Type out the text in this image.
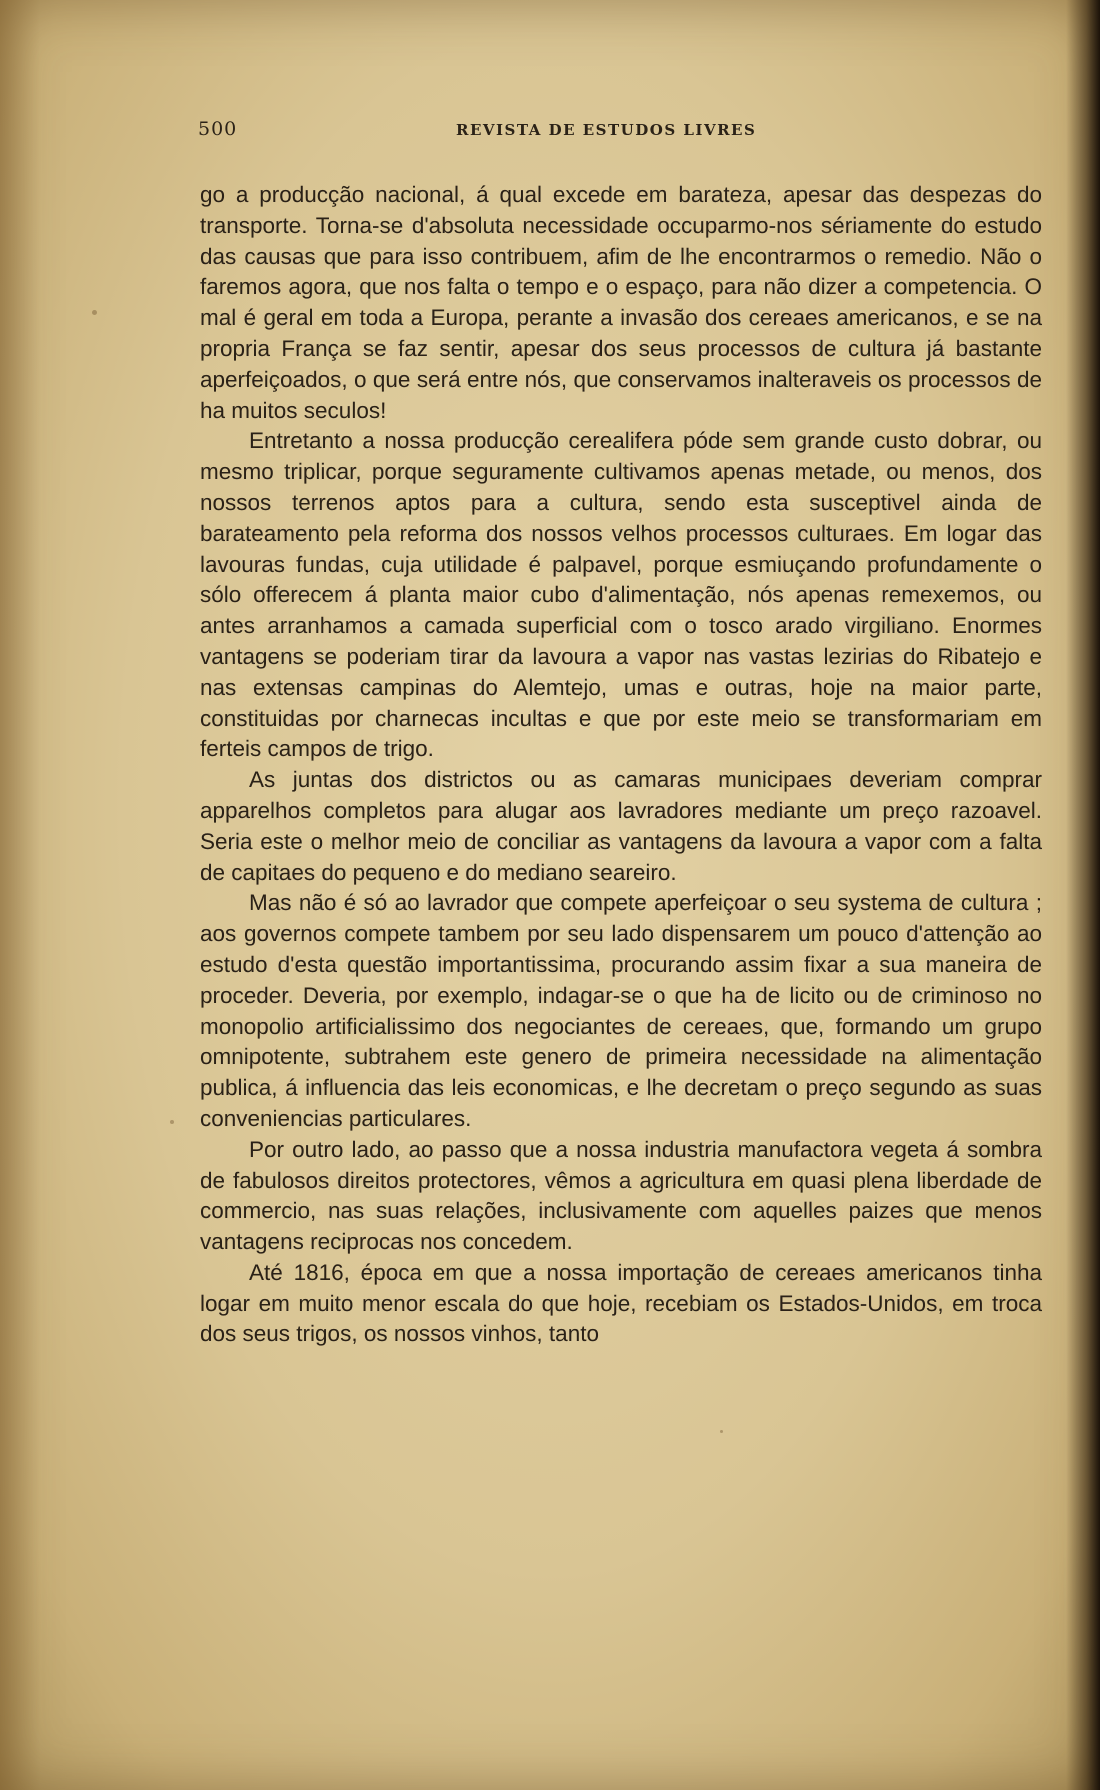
500	REVISTA DE ESTUDOS LIVRES

go a producção nacional, á qual excede em barateza, apesar das despezas do transporte. Torna-se d'absoluta necessidade occuparmo-nos sériamente do estudo das causas que para isso contribuem, afim de lhe encontrarmos o remedio. Não o faremos agora, que nos falta o tempo e o espaço, para não dizer a competencia. O mal é geral em toda a Europa, perante a invasão dos cereaes americanos, e se na propria França se faz sentir, apesar dos seus processos de cultura já bastante aperfeiçoados, o que será entre nós, que conservamos inalteraveis os processos de ha muitos seculos!

Entretanto a nossa producção cerealifera póde sem grande custo dobrar, ou mesmo triplicar, porque seguramente cultivamos apenas metade, ou menos, dos nossos terrenos aptos para a cultura, sendo esta susceptivel ainda de barateamento pela reforma dos nossos velhos processos culturaes. Em logar das lavouras fundas, cuja utilidade é palpavel, porque esmiuçando profundamente o sólo offerecem á planta maior cubo d'alimentação, nós apenas remexemos, ou antes arranhamos a camada superficial com o tosco arado virgiliano. Enormes vantagens se poderiam tirar da lavoura a vapor nas vastas lezirias do Ribatejo e nas extensas campinas do Alemtejo, umas e outras, hoje na maior parte, constituidas por charnecas incultas e que por este meio se transformariam em ferteis campos de trigo.

As juntas dos districtos ou as camaras municipaes deveriam comprar apparelhos completos para alugar aos lavradores mediante um preço razoavel. Seria este o melhor meio de conciliar as vantagens da lavoura a vapor com a falta de capitaes do pequeno e do mediano seareiro.

Mas não é só ao lavrador que compete aperfeiçoar o seu systema de cultura ; aos governos compete tambem por seu lado dispensarem um pouco d'attenção ao estudo d'esta questão importantissima, procurando assim fixar a sua maneira de proceder. Deveria, por exemplo, indagar-se o que ha de licito ou de criminoso no monopolio artificialissimo dos negociantes de cereaes, que, formando um grupo omnipotente, subtrahem este genero de primeira necessidade na alimentação publica, á influencia das leis economicas, e lhe decretam o preço segundo as suas conveniencias particulares.

Por outro lado, ao passo que a nossa industria manufactora vegeta á sombra de fabulosos direitos protectores, vêmos a agricultura em quasi plena liberdade de commercio, nas suas relações, inclusivamente com aquelles paizes que menos vantagens reciprocas nos concedem.

Até 1816, época em que a nossa importação de cereaes americanos tinha logar em muito menor escala do que hoje, recebiam os Estados-Unidos, em troca dos seus trigos, os nossos vinhos, tanto
